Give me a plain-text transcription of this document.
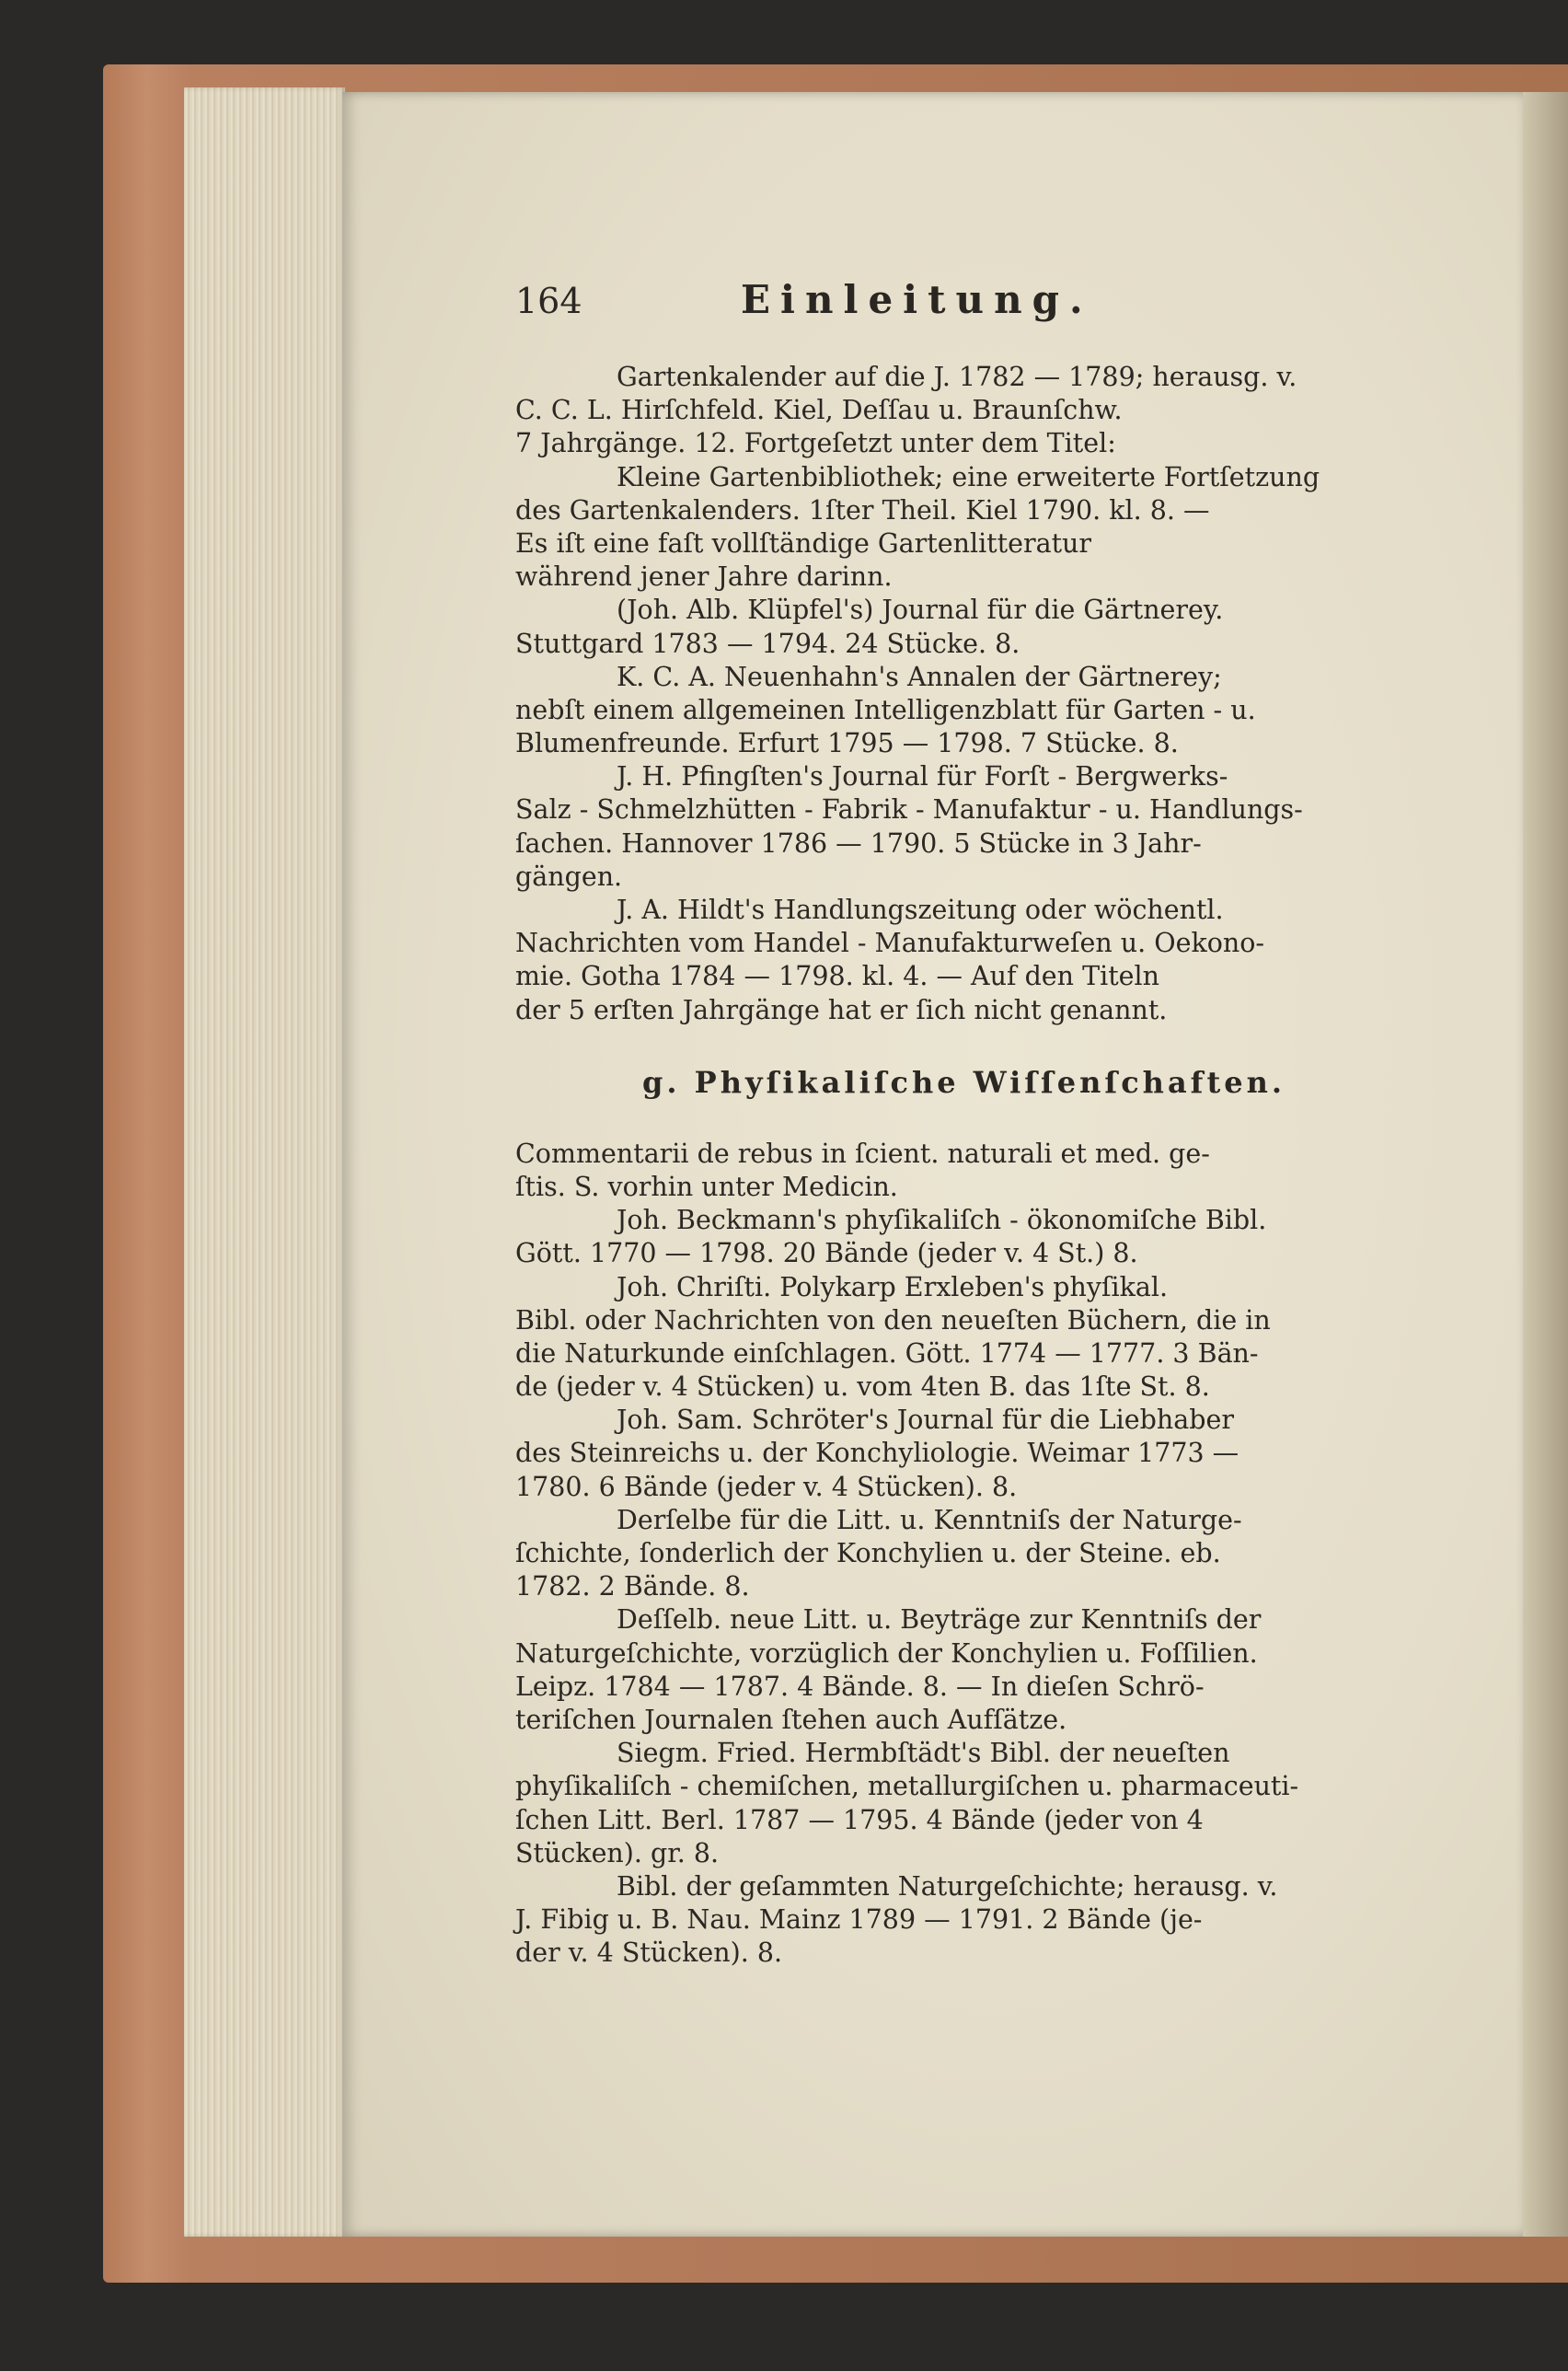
164	Einleitung.
Gartenkalender auf die J. 1782 — 1789; herausg. v.
C. C. L. Hirſchfeld. Kiel, Deſſau u. Braunſchw.
7 Jahrgänge. 12. Fortgeſetzt unter dem Titel:
Kleine Gartenbibliothek; eine erweiterte Fortſetzung
des Gartenkalenders. 1ſter Theil. Kiel 1790. kl. 8. —
Es iſt eine faſt vollſtändige Gartenlitteratur
während jener Jahre darinn.
(Joh. Alb. Klüpfel's) Journal für die Gärtnerey.
Stuttgard 1783 — 1794. 24 Stücke. 8.
K. C. A. Neuenhahn's Annalen der Gärtnerey;
nebſt einem allgemeinen Intelligenzblatt für Garten - u.
Blumenfreunde. Erfurt 1795 — 1798. 7 Stücke. 8.
J. H. Pfingſten's Journal für Forſt - Bergwerks-
Salz - Schmelzhütten - Fabrik - Manufaktur - u. Handlungs-
ſachen. Hannover 1786 — 1790. 5 Stücke in 3 Jahr-
gängen.
J. A. Hildt's Handlungszeitung oder wöchentl.
Nachrichten vom Handel - Manufakturweſen u. Oekono-
mie. Gotha 1784 — 1798. kl. 4. — Auf den Titeln
der 5 erſten Jahrgänge hat er ſich nicht genannt.
g. Phyſikaliſche Wiſſenſchaften.
Commentarii de rebus in ſcient. naturali et med. ge-
ſtis. S. vorhin unter Medicin.
Joh. Beckmann's phyſikaliſch - ökonomiſche Bibl.
Gött. 1770 — 1798. 20 Bände (jeder v. 4 St.) 8.
Joh. Chriſti. Polykarp Erxleben's phyſikal.
Bibl. oder Nachrichten von den neueſten Büchern, die in
die Naturkunde einſchlagen. Gött. 1774 — 1777. 3 Bän-
de (jeder v. 4 Stücken) u. vom 4ten B. das 1ſte St. 8.
Joh. Sam. Schröter's Journal für die Liebhaber
des Steinreichs u. der Konchyliologie. Weimar 1773 —
1780. 6 Bände (jeder v. 4 Stücken). 8.
Derſelbe für die Litt. u. Kenntniſs der Naturge-
ſchichte, ſonderlich der Konchylien u. der Steine. eb.
1782. 2 Bände. 8.
Deſſelb. neue Litt. u. Beyträge zur Kenntniſs der
Naturgeſchichte, vorzüglich der Konchylien u. Foſſilien.
Leipz. 1784 — 1787. 4 Bände. 8. — In dieſen Schrö-
teriſchen Journalen ſtehen auch Aufſätze.
Siegm. Fried. Hermbſtädt's Bibl. der neueſten
phyſikaliſch - chemiſchen, metallurgiſchen u. pharmaceuti-
ſchen Litt. Berl. 1787 — 1795. 4 Bände (jeder von 4
Stücken). gr. 8.
Bibl. der geſammten Naturgeſchichte; herausg. v.
J. Fibig u. B. Nau. Mainz 1789 — 1791. 2 Bände (je-
der v. 4 Stücken). 8.
